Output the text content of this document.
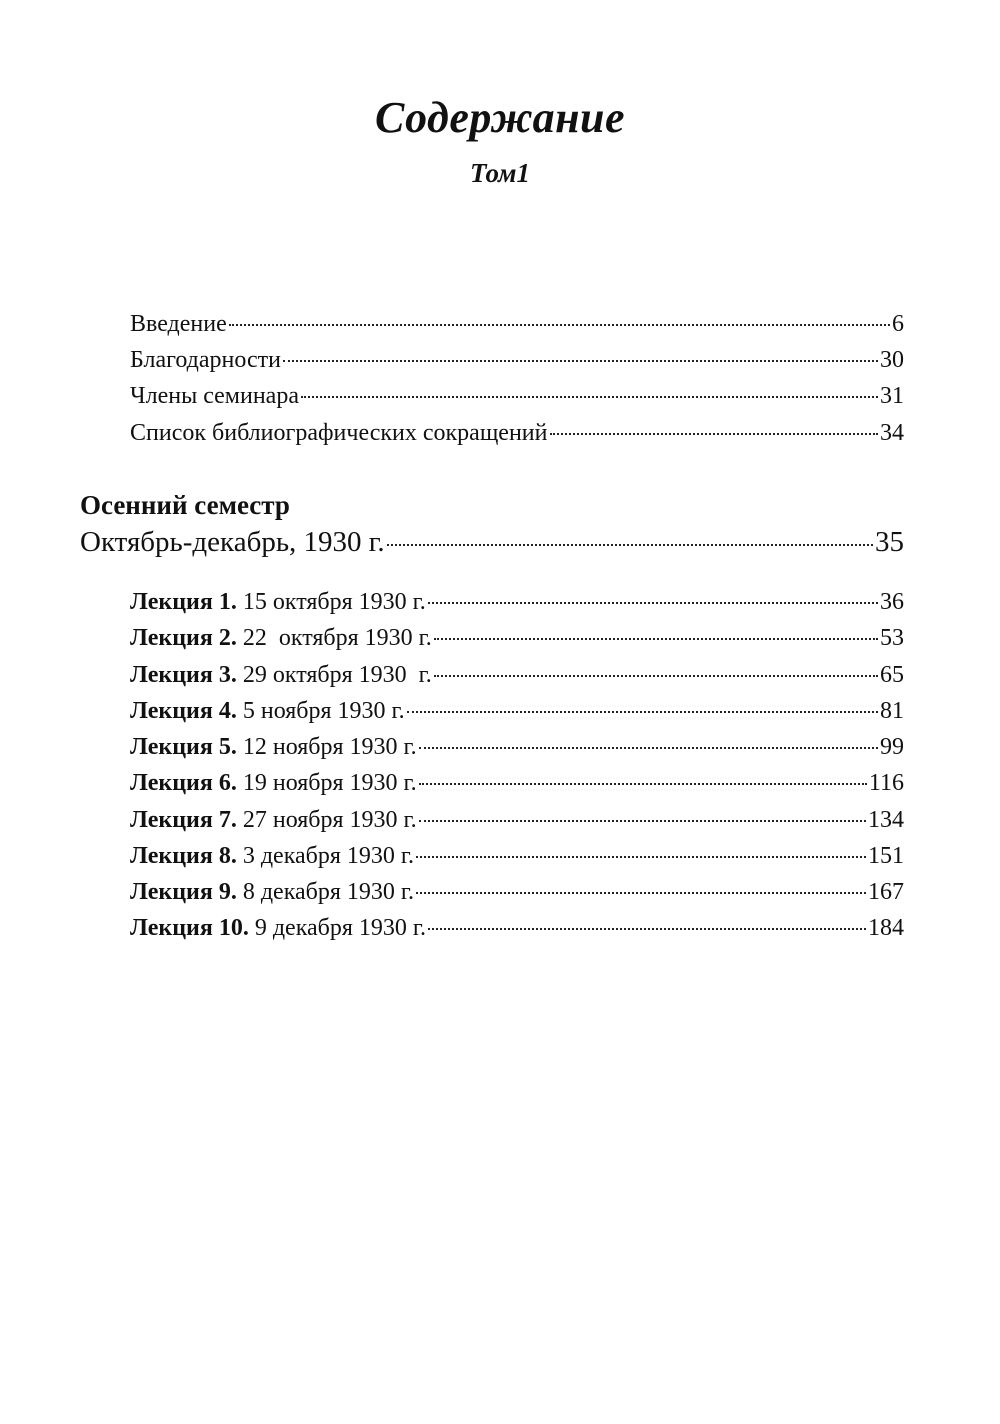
Содержание
Том1
Введение	6
Благодарности	30
Члены семинара	31
Список библиографических сокращений	34
Осенний семестр
Октябрь-декабрь, 1930 г.	35
Лекция 1. 15 октября 1930 г.	36
Лекция 2. 22  октября 1930 г.	53
Лекция 3. 29 октября 1930  г.	65
Лекция 4. 5 ноября 1930 г.	81
Лекция 5. 12 ноября 1930 г.	99
Лекция 6. 19 ноября 1930 г.	116
Лекция 7. 27 ноября 1930 г.	134
Лекция 8. 3 декабря 1930 г.	151
Лекция 9. 8 декабря 1930 г.	167
Лекция 10. 9 декабря 1930 г.	184
